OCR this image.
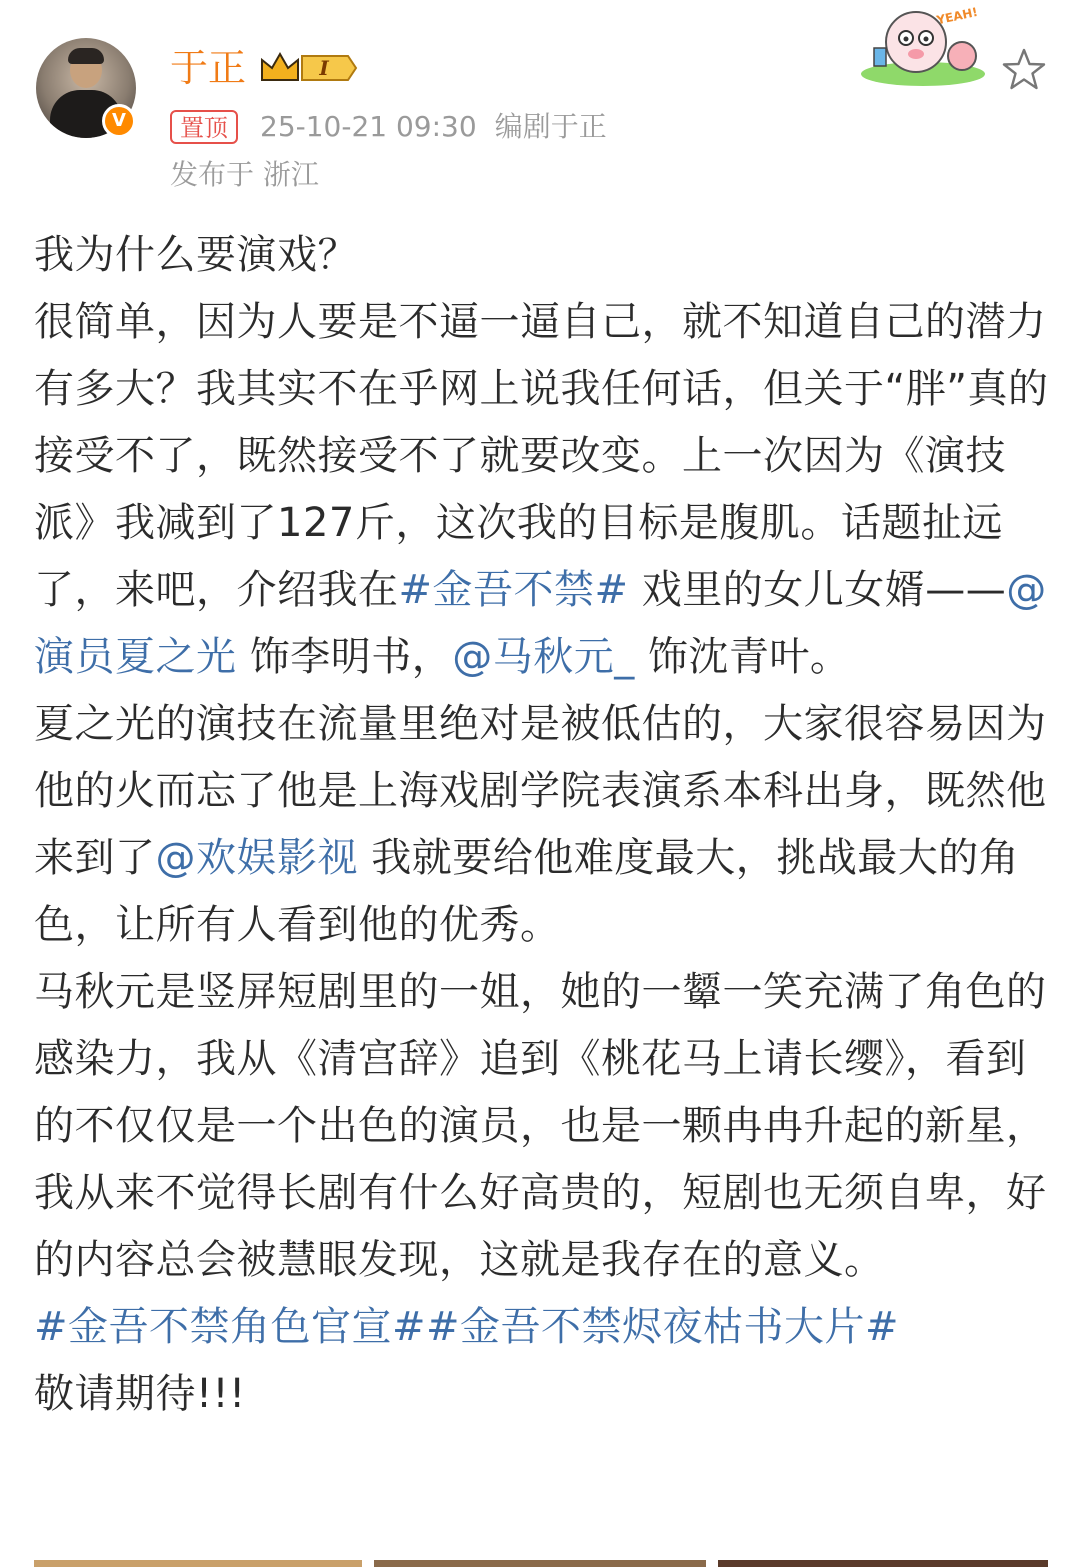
V
于正	I
置顶	25-10-21 09:30 编剧于正
发布于 浙江
YEAH!

我为什么要演戏？

很简单，因为人要是不逼一逼自己，就不知道自己的潜力有多大？我其实不在乎网上说我任何话，但关于“胖”真的接受不了，既然接受不了就要改变。上一次因为《演技派》我减到了127斤，这次我的目标是腹肌。话题扯远了，来吧，介绍我在#金吾不禁# 戏里的女儿女婿——@演员夏之光 饰李明书，@马秋元_ 饰沈青叶。

夏之光的演技在流量里绝对是被低估的，大家很容易因为他的火而忘了他是上海戏剧学院表演系本科出身，既然他来到了@欢娱影视 我就要给他难度最大，挑战最大的角色，让所有人看到他的优秀。

马秋元是竖屏短剧里的一姐，她的一颦一笑充满了角色的感染力，我从《清宫辞》追到《桃花马上请长缨》，看到的不仅仅是一个出色的演员，也是一颗冉冉升起的新星，我从来不觉得长剧有什么好高贵的，短剧也无须自卑，好的内容总会被慧眼发现，这就是我存在的意义。

#金吾不禁角色官宣##金吾不禁烬夜枯书大片#

敬请期待!!!
